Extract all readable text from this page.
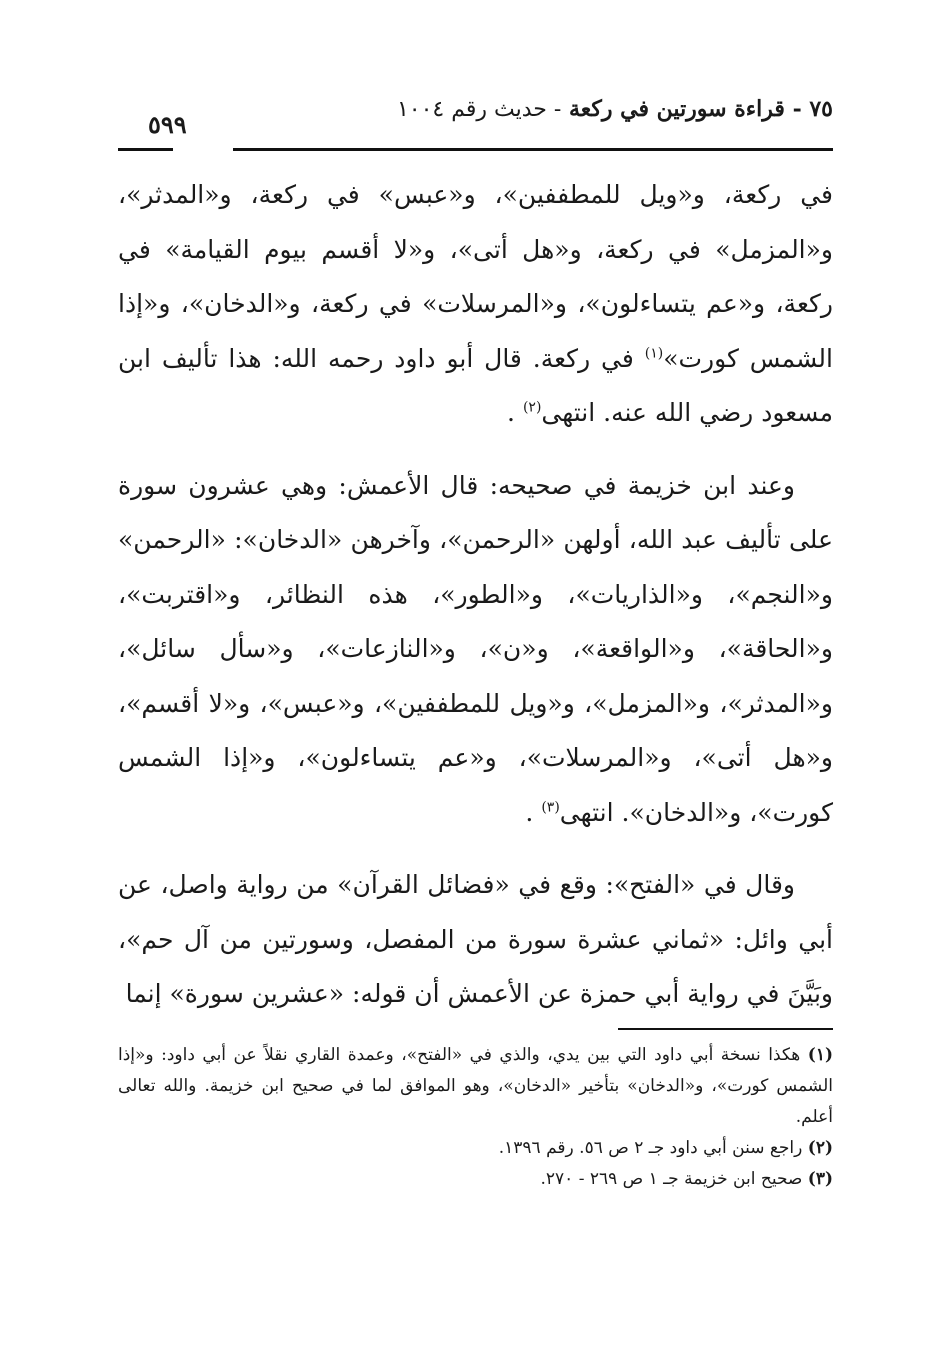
٧٥ - قراءة سورتين في ركعة - حديث رقم ١٠٠٤
٥٩٩

في ركعة، و«ويل للمطففين»، و«عبس» في ركعة، و«المدثر»، و«المزمل» في ركعة، و«هل أتى»، و«لا أقسم بيوم القيامة» في ركعة، و«عم يتساءلون»، و«المرسلات» في ركعة، و«الدخان»، و«إذا الشمس كورت»$^{(١)}$ في ركعة. قال أبو داود رحمه الله: هذا تأليف ابن مسعود رضي الله عنه. انتهى$^{(٢)}$ .

وعند ابن خزيمة في صحيحه: قال الأعمش: وهي عشرون سورة على تأليف عبد الله، أولهن «الرحمن»، وآخرهن «الدخان»: «الرحمن» و«النجم»، و«الذاريات»، و«الطور»، هذه النظائر، و«اقتربت»، و«الحاقة»، و«الواقعة»، و«ن»، و«النازعات»، و«سأل سائل»، و«المدثر»، و«المزمل»، و«ويل للمطففين»، و«عبس»، و«لا أقسم»، و«هل أتى»، و«المرسلات»، و«عم يتساءلون»، و«إذا الشمس كورت»، و«الدخان». انتهى$^{(٣)}$ .

وقال في «الفتح»: وقع في «فضائل القرآن» من رواية واصل، عن أبي وائل: «ثماني عشرة سورة من المفصل، وسورتين من آل حم»، وبَيَّنَ في رواية أبي حمزة عن الأعمش أن قوله: «عشرين سورة» إنما

(١) هكذا نسخة أبي داود التي بين يدي، والذي في «الفتح»، وعمدة القاري نقلاً عن أبي داود: و«إذا الشمس كورت»، و«الدخان» بتأخير «الدخان»، وهو الموافق لما في صحيح ابن خزيمة. والله تعالى أعلم.

(٢) راجع سنن أبي داود جـ ٢ ص ٥٦. رقم ١٣٩٦.

(٣) صحيح ابن خزيمة جـ ١ ص ٢٦٩ - ٢٧٠.
